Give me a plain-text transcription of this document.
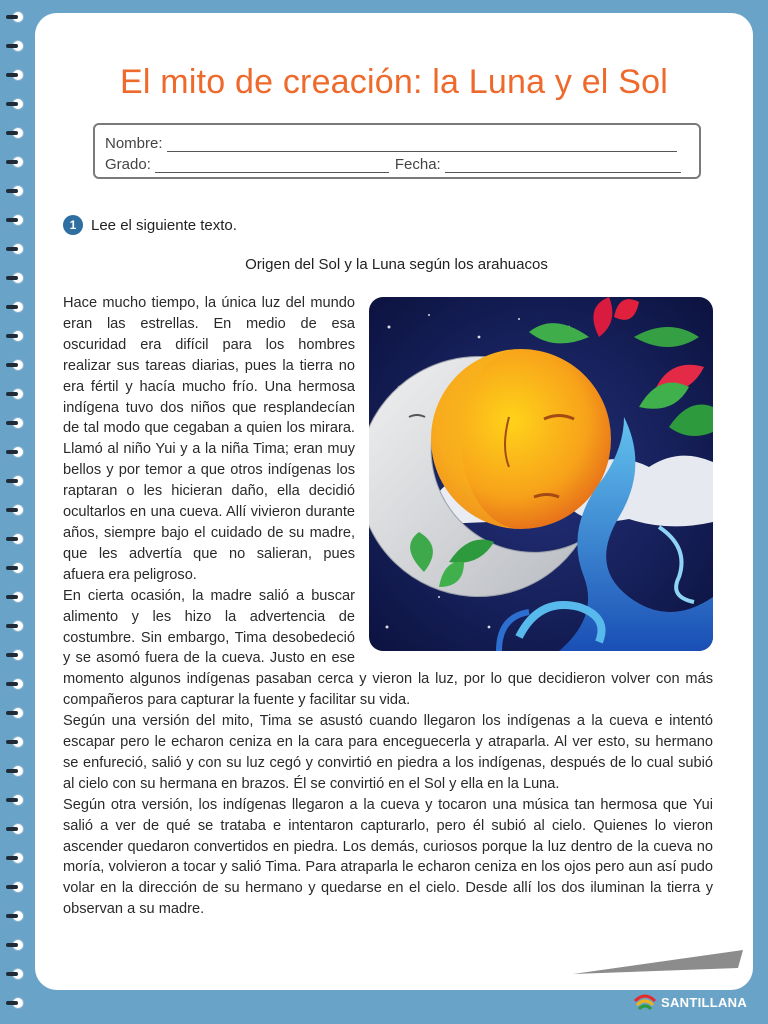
El mito de creación: la Luna y el Sol
Nombre:
Grado:	Fecha:
1 Lee el siguiente texto.
Origen del Sol y la Luna según los arahuacos

Hace mucho tiempo, la única luz del mundo eran las estrellas. En medio de esa oscuridad era difícil para los hombres realizar sus tareas diarias, pues la tierra no era fértil y hacía mucho frío. Una hermosa indígena tuvo dos niños que resplandecían de tal modo que cegaban a quien los mirara. Llamó al niño Yui y a la niña Tima; eran muy bellos y por temor a que otros indígenas los raptaran o les hicieran daño, ella decidió ocultarlos en una cueva. Allí vivieron durante años, siempre bajo el cuidado de su madre, que les advertía que no salieran, pues afuera era peligroso.

En cierta ocasión, la madre salió a buscar alimento y les hizo la advertencia de costumbre. Sin embargo, Tima desobedeció y se asomó fuera de la cueva. Justo en ese momento algunos indígenas pasaban cerca y vieron la luz, por lo que decidieron volver con más compañeros para capturar la fuente y facilitar su vida.

Según una versión del mito, Tima se asustó cuando llegaron los indígenas a la cueva e intentó escapar pero le echaron ceniza en la cara para enceguecerla y atraparla. Al ver esto, su hermano se enfureció, salió y con su luz cegó y convirtió en piedra a los indígenas, después de lo cual subió al cielo con su hermana en brazos. Él se convirtió en el Sol y ella en la Luna.

Según otra versión, los indígenas llegaron a la cueva y tocaron una música tan hermosa que Yui salió a ver de qué se trataba e intentaron capturarlo, pero él subió al cielo. Quienes lo vieron ascender quedaron convertidos en piedra. Los demás, curiosos porque la luz dentro de la cueva no moría, volvieron a tocar y salió Tima. Para atraparla le echaron ceniza en los ojos pero aun así pudo volar en la dirección de su hermano y quedarse en el cielo. Desde allí los dos iluminan la tierra y observan a su madre.

SANTILLANA
